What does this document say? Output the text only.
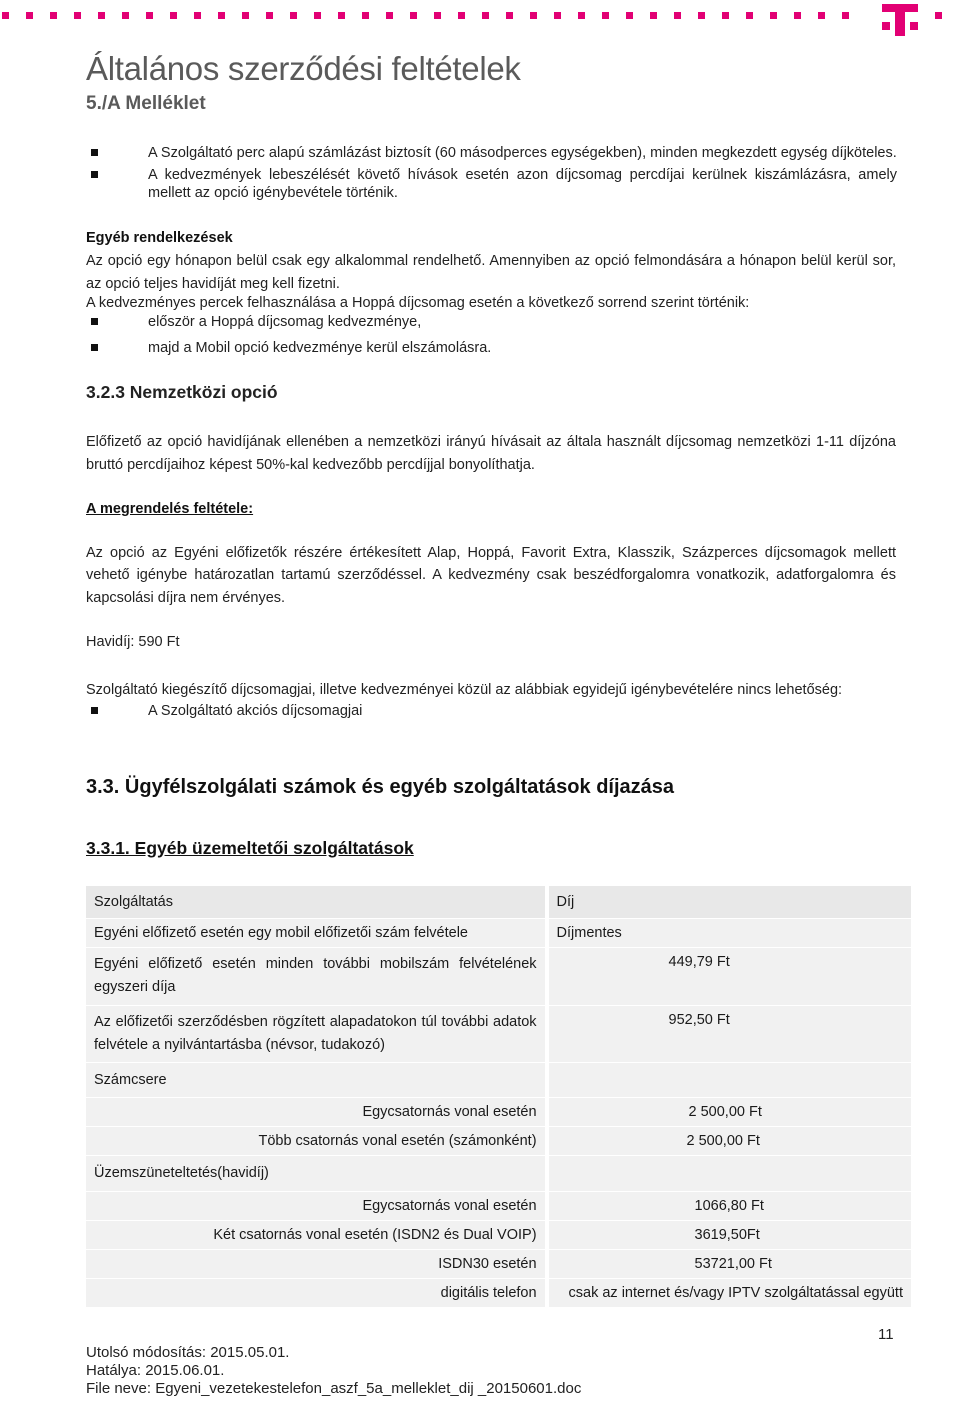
Általános szerződési feltételek
5./A Melléklet
A Szolgáltató perc alapú számlázást biztosít (60 másodperces egységekben), minden megkezdett egység díjköteles.
A kedvezmények lebeszélését követő hívások esetén azon díjcsomag percdíjai kerülnek kiszámlázásra, amely mellett az opció igénybevétele történik.
Egyéb rendelkezések
Az opció egy hónapon belül csak egy alkalommal rendelhető. Amennyiben az opció felmondására a hónapon belül kerül sor, az opció teljes havidíját meg kell fizetni.
A kedvezményes percek felhasználása a Hoppá díjcsomag esetén a következő sorrend szerint történik:
először a Hoppá díjcsomag kedvezménye,
majd a Mobil opció kedvezménye kerül elszámolásra.
3.2.3 Nemzetközi opció
Előfizető az opció havidíjának ellenében a nemzetközi irányú hívásait az általa használt díjcsomag nemzetközi 1-11 díjzóna bruttó percdíjaihoz képest 50%-kal kedvezőbb percdíjjal bonyolíthatja.
A megrendelés feltétele:
Az opció az Egyéni előfizetők részére értékesített Alap, Hoppá, Favorit Extra, Klasszik, Százperces díjcsomagok mellett vehető igénybe határozatlan tartamú szerződéssel. A kedvezmény csak beszédforgalomra vonatkozik, adatforgalomra és kapcsolási díjra nem érvényes.
Havidíj: 590 Ft
Szolgáltató kiegészítő díjcsomagjai, illetve kedvezményei közül az alábbiak egyidejű igénybevételére nincs lehetőség:
A Szolgáltató akciós díjcsomagjai
3.3. Ügyfélszolgálati számok és egyéb szolgáltatások díjazása
3.3.1. Egyéb üzemeltetői szolgáltatások
Szolgáltatás		Díj
Egyéni előfizető esetén egy mobil előfizetői szám felvétele		Díjmentes
Egyéni előfizető esetén minden további mobilszám felvételének egyszeri díja		449,79 Ft
Az előfizetői szerződésben rögzített alapadatokon túl további adatok felvétele a nyilvántartásba (névsor, tudakozó)		952,50 Ft
Számcsere		
Egycsatornás vonal esetén		2 500,00 Ft
Több csatornás vonal esetén (számonként)		2 500,00 Ft
Üzemszüneteltetés(havidíj)		
Egycsatornás vonal esetén		1066,80 Ft
Két csatornás vonal esetén (ISDN2 és Dual VOIP)		3619,50Ft
ISDN30 esetén		53721,00 Ft
digitális telefon		csak az internet és/vagy IPTV szolgáltatással együtt
11
Utolsó módosítás: 2015.05.01.
Hatálya: 2015.06.01.
File neve: Egyeni_vezetekestelefon_aszf_5a_melleklet_dij _20150601.doc
